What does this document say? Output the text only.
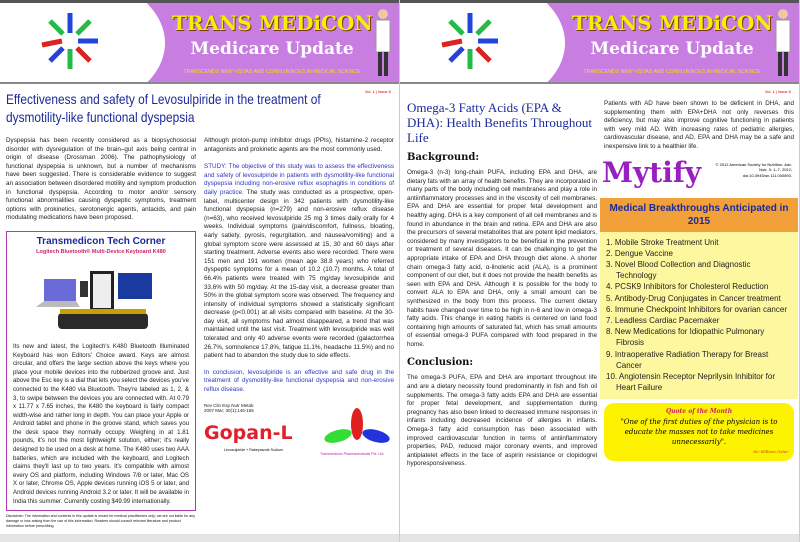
TRANS MEDiCON
Medicare Update
TRANSCENDS NEW VISTAS AND CONFLUENCES IN MEDICAL SCIENCE
Vol. 1 | Issue 6
Effectiveness and safety of Levosulpiride in the treatment of dysmotility-like functional dyspepsia

Dyspepsia has been recently considered as a biopsychosocial disorder with dysregulation of the brain–gut axis being central in origin of disease (Drossman 2006). The pathophysiology of functional dyspepsia is unknown, but a number of mechanisms have been suggested. There is considerable evidence to suggest an association between disordered motility and symptom production in functional dyspepsia. According to motor and/or sensory functional abnormalities causing dyspeptic symptoms, treatment options with prokinetics, serotonergic agents, antacids, and pain modulating medications have been proposed.

Transmedicon Tech Corner
Logitech Bluetooth® Multi-Device Keyboard K480

Its new and latest, the Logitech's K480 Bluetooth Illuminated Keyboard has won Editors' Choice award. Keys are almost circular, and offers the large section above the keys where you place your mobile devices into the rubberized groove and. Just above the Esc key is a dial that lets you select the devices you've connected to the K480 via Bluetooth. They're labeled as 1, 2, & 3, to swipe between the devices you are connected with. At 0.79 x 11.77 x 7.65 inches, the K480 the keyboard is fairly compact width-wise and rather long in depth. You can place your Apple or Android tablet and phone in the groove stand, which saves you the desk space they normally occupy. Weighing in at 1.81 pounds, it's not the most lightweight solution, either; it's really designed to be used on a desk at home. The K480 uses two AAA batteries, which are included with the keyboard, and Logitech claims they'll last up to two years. It's compatible with almost every OS and platform, including Windows 7/8 or later, Mac OS X or later, Chrome OS, Apple devices running iOS 5 or later, and Android devices running Android 3.2 or later. It will be available in India this summer. Currently costing $49.99 internationally.

Disclaimer: The information and contents in this update is meant for medical practitioners only; we are not liable for any damage or loss arising from the use of this information. Readers should consult relevant literature and product information before prescribing.

Although proton-pump inhibitor drugs (PPIs), histamine-2 receptor antagonists and prokinetic agents are the most commonly used.

STUDY: The objective of this study was to assess the effectiveness and safety of levosulpiride in patients with dysmotility-like functional dyspepsia including non-erosive reflux esophagitis in conditions of daily practice. The study was conducted as a prospective, open-label, multicenter design in 342 patients with dysmotility-like functional dyspepsia (n=279) and non-erosive reflux disease (n=63), who received levosulpiride 25 mg 3 times daily orally for 4 weeks. Individual symptoms (pain/discomfort, fullness, bloating, early satiety, pyrosis, regurgitation, and nausea/vomiting) and a global symptom score were assessed at 15, 30 and 60 days after starting treatment. Adverse events also were recorded. There were 151 men and 191 women (mean age 38.8 years) who referred dyspeptic symptoms for a mean of 10.2 (10.7) months. A total of 66.4% patients were treated with 75 mg/day levosulpiride and 33.6% with 50 mg/day. At the 15-day visit, a decrease greater than 50% in the global symptom score was observed. The frequency and intensity of individual symptoms showed a statistically significant decrease (p<0.001) at all visits compared with baseline. At the 30-day visit, all symptoms had almost disappeared, a trend that was maintained until the last visit. Treatment with levosulpiride was well tolerated and only 40 adverse events were recorded (galactorrhea 26.7%, somnolence 17.8%, fatigue 11.1%, headache 11.5%) and no patient had to abandon the study due to side effects.

In conclusion, levosulpiride is an effective and safe drug in the treatment of dysmotility-like functional dyspepsia and non-erosive reflux disease.

Rev Clin Esp Nutr Metab
2007 Mar; 30(1):146-155

Gopan-L
Levosulpiride + Rabeprazole Sodium
Transmedicon Pharmaceuticals Pvt. Ltd.
TRANS MEDiCON
Medicare Update
TRANSCENDS NEW VISTAS AND CONFLUENCES IN MEDICAL SCIENCE
Vol. 1 | Issue 6
Omega-3 Fatty Acids (EPA & DHA): Health Benefits Throughout Life
Background:

Omega-3 (n-3) long-chain PUFA, including EPA and DHA, are dietary fats with an array of health benefits. They are incorporated in many parts of the body including cell membranes and play a role in antiinflammatory processes and in the viscosity of cell membranes. EPA and DHA are essential for proper fetal development and healthy aging. DHA is a key component of all cell membranes and is found in abundance in the brain and retina. EPA and DHA are also the precursors of several metabolites that are potent lipid mediators, considered by many investigators to be beneficial in the prevention or treatment of several diseases. It can be challenging to get the appropriate intake of EPA and DHA through diet alone. A shorter chain omega-3 fatty acid, α-linolenic acid (ALA), is a prominent component of our diet, but it does not provide the health benefits as seen with EPA and DHA. Although it is possible for the body to convert ALA to EPA and DHA, only a small amount can be synthesized in the body from this process. The current dietary habits have changed over time to be high in n-6 and low in omega-3 fatty acids. This change in eating habits is centered on land food containing high amounts of saturated fat, which has small amounts of essential omega-3 PUFA compared with food prepared in the home.

Conclusion:

The omega-3 PUFA, EPA and DHA are important throughout life and are a dietary necessity found predominantly in fish and fish oil supplements. The omega-3 fatty acids EPA and DHA are essential for proper fetal development, and supplementation during pregnancy has also been linked to decreased immune responses in infants including decreased incidence of allergies in infants. Omega-3 fatty acid consumption has been associated with improved cardiovascular function in terms of antiinflammatory properties, PAD, reduced major coronary events, and improved antiplatelet effects in the face of aspirin resistance or clopidogrel hyporesponsiveness.

Patients with AD have been shown to be deficient in DHA, and supplementing them with EPA+DHA not only reverses this deficiency, but may also improve cognitive functioning in patients with very mild AD. With increasing rates of pediatric allergies, cardiovascular disease, and AD, EPA and DHA may be a safe and inexpensive link to a healthier life.

Mytify	© 2012 American Society for Nutrition. Adv. Nutr. 3: 1–7, 2012; doi:10.3945/an.111.000893.
Medical Breakthroughs Anticipated in 2015
1. Mobile Stroke Treatment Unit
2. Dengue Vaccine
3. Novel Blood Collection and Diagnostic Technology
4. PCSK9 Inhibitors for Cholesterol Reduction
5. Antibody-Drug Conjugates in Cancer treatment
6. Immune Checkpoint Inhibitors for ovarian cancer
7. Leadless Cardiac Pacemaker
8. New Medications for Idiopathic Pulmonary Fibrosis
9. Intraoperative Radiation Therapy for Breast Cancer
10. Angiotensin Receptor Neprilysin Inhibitor for Heart Failure
Quote of the Month
"One of the first duties of the physician is to educate the masses not to take medicines unnecessarily".
Sir William Osler
